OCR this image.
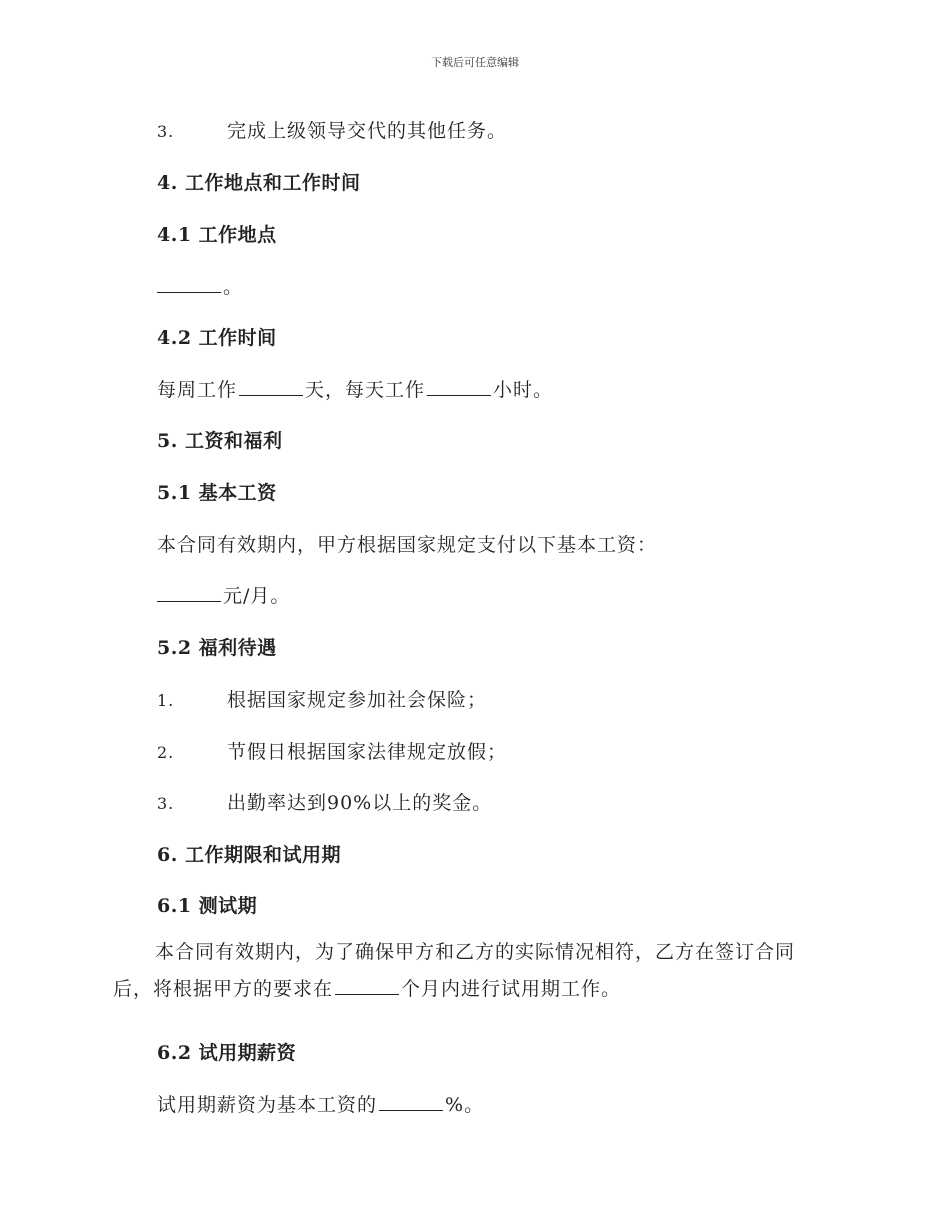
下载后可任意编辑
3.	完成上级领导交代的其他任务。
4. 工作地点和工作时间
4.1 工作地点
。
4.2 工作时间
每周工作	天，每天工作	小时。
5. 工资和福利
5.1 基本工资
本合同有效期内，甲方根据国家规定支付以下基本工资：
元/月。
5.2 福利待遇
1.	根据国家规定参加社会保险；
2.	节假日根据国家法律规定放假；
3.	出勤率达到90%以上的奖金。
6. 工作期限和试用期
6.1 测试期
本合同有效期内，为了确保甲方和乙方的实际情况相符，乙方在签订合同后，将根据甲方的要求在	个月内进行试用期工作。
6.2 试用期薪资
试用期薪资为基本工资的	%。
